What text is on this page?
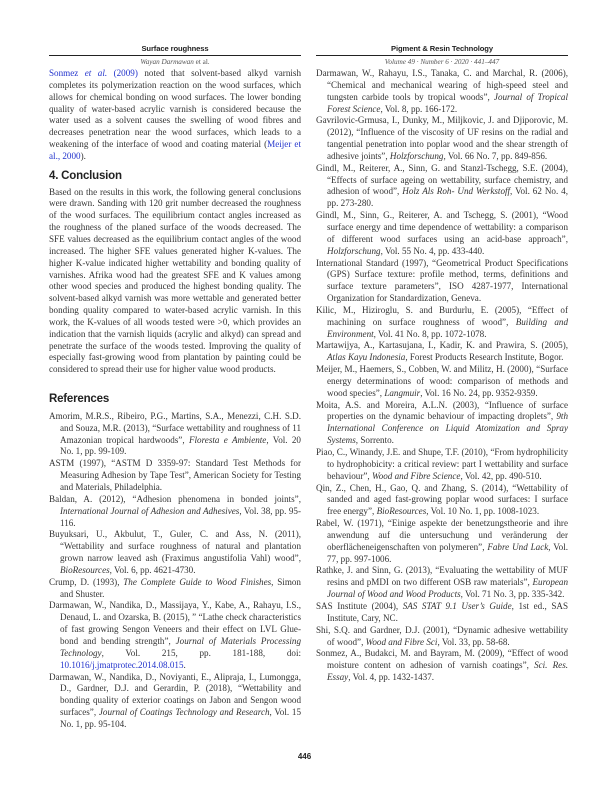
Surface roughness
Wayan Darmawan et al.
Pigment & Resin Technology
Volume 49 · Number 6 · 2020 · 441–447

Sonmez et al. (2009) noted that solvent-based alkyd varnish completes its polymerization reaction on the wood surfaces, which allows for chemical bonding on wood surfaces. The lower bonding quality of water-based acrylic varnish is considered because the water used as a solvent causes the swelling of wood fibres and decreases penetration near the wood surfaces, which leads to a weakening of the interface of wood and coating material (Meijer et al., 2000).

4. Conclusion

Based on the results in this work, the following general conclusions were drawn. Sanding with 120 grit number decreased the roughness of the wood surfaces. The equilibrium contact angles increased as the roughness of the planed surface of the woods decreased. The SFE values decreased as the equilibrium contact angles of the wood increased. The higher SFE values generated higher K-values. The higher K-value indicated higher wettability and bonding quality of varnishes. Afrika wood had the greatest SFE and K values among other wood species and produced the highest bonding quality. The solvent-based alkyd varnish was more wettable and generated better bonding quality compared to water-based acrylic varnish. In this work, the K-values of all woods tested were >0, which provides an indication that the varnish liquids (acrylic and alkyd) can spread and penetrate the surface of the woods tested. Improving the quality of especially fast-growing wood from plantation by painting could be considered to spread their use for higher value wood products.

References

Amorim, M.R.S., Ribeiro, P.G., Martins, S.A., Menezzi, C.H. S.D. and Souza, M.R. (2013), “Surface wettability and roughness of 11 Amazonian tropical hardwoods”, Floresta e Ambiente, Vol. 20 No. 1, pp. 99-109.

ASTM (1997), “ASTM D 3359-97: Standard Test Methods for Measuring Adhesion by Tape Test”, American Society for Testing and Materials, Philadelphia.

Baldan, A. (2012), “Adhesion phenomena in bonded joints”, International Journal of Adhesion and Adhesives, Vol. 38, pp. 95-116.

Buyuksari, U., Akbulut, T., Guler, C. and Ass, N. (2011), “Wettability and surface roughness of natural and plantation grown narrow leaved ash (Fraximus angustifolia Vahl) wood”, BioResources, Vol. 6, pp. 4621-4730.

Crump, D. (1993), The Complete Guide to Wood Finishes, Simon and Shuster.

Darmawan, W., Nandika, D., Massijaya, Y., Kabe, A., Rahayu, I.S., Denaud, L. and Ozarska, B. (2015), ” “Lathe check characteristics of fast growing Sengon Veneers and their effect on LVL Glue-bond and bending strength”, Journal of Materials Processing Technology, Vol. 215, pp. 181-188, doi: 10.1016/j.jmatprotec.2014.08.015.

Darmawan, W., Nandika, D., Noviyanti, E., Alipraja, I., Lumongga, D., Gardner, D.J. and Gerardin, P. (2018), “Wettability and bonding quality of exterior coatings on Jabon and Sengon wood surfaces”, Journal of Coatings Technology and Research, Vol. 15 No. 1, pp. 95-104.

Darmawan, W., Rahayu, I.S., Tanaka, C. and Marchal, R. (2006), “Chemical and mechanical wearing of high-speed steel and tungsten carbide tools by tropical woods”, Journal of Tropical Forest Science, Vol. 8, pp. 166-172.

Gavrilovic-Grmusa, I., Dunky, M., Miljkovic, J. and Djiporovic, M. (2012), “Influence of the viscosity of UF resins on the radial and tangential penetration into poplar wood and the shear strength of adhesive joints”, Holzforschung, Vol. 66 No. 7, pp. 849-856.

Gindl, M., Reiterer, A., Sinn, G. and Stanzl-Tschegg, S.E. (2004), “Effects of surface ageing on wettability, surface chemistry, and adhesion of wood”, Holz Als Roh- Und Werkstoff, Vol. 62 No. 4, pp. 273-280.

Gindl, M., Sinn, G., Reiterer, A. and Tschegg, S. (2001), “Wood surface energy and time dependence of wettability: a comparison of different wood surfaces using an acid-base approach”, Holzforschung, Vol. 55 No. 4, pp. 433-440.

International Standard (1997), “Geometrical Product Specifications (GPS) Surface texture: profile method, terms, definitions and surface texture parameters”, ISO 4287-1977, International Organization for Standardization, Geneva.

Kilic, M., Hiziroglu, S. and Burdurlu, E. (2005), “Effect of machining on surface roughness of wood”, Building and Environment, Vol. 41 No. 8, pp. 1072-1078.

Martawijya, A., Kartasujana, I., Kadir, K. and Prawira, S. (2005), Atlas Kayu Indonesia, Forest Products Research Institute, Bogor.

Meijer, M., Haemers, S., Cobben, W. and Militz, H. (2000), “Surface energy determinations of wood: comparison of methods and wood species”, Langmuir, Vol. 16 No. 24, pp. 9352-9359.

Moita, A.S. and Moreira, A.L.N. (2003), “Influence of surface properties on the dynamic behaviour of impacting droplets”, 9th International Conference on Liquid Atomization and Spray Systems, Sorrento.

Piao, C., Winandy, J.E. and Shupe, T.F. (2010), “From hydrophilicity to hydrophobicity: a critical review: part I wettability and surface behaviour”, Wood and Fibre Science, Vol. 42, pp. 490-510.

Qin, Z., Chen, H., Gao, Q. and Zhang, S. (2014), “Wettability of sanded and aged fast-growing poplar wood surfaces: I surface free energy”, BioResources, Vol. 10 No. 1, pp. 1008-1023.

Rabel, W. (1971), “Einige aspekte der benetzungstheorie and ihre anwendung auf die untersuchung und veränderung der oberflächeneigenschaften von polymeren”, Fabre Und Lack, Vol. 77, pp. 997-1006.

Rathke, J. and Sinn, G. (2013), “Evaluating the wettability of MUF resins and pMDI on two different OSB raw materials”, European Journal of Wood and Wood Products, Vol. 71 No. 3, pp. 335-342.

SAS Institute (2004), SAS STAT 9.1 User’s Guide, 1st ed., SAS Institute, Cary, NC.

Shi, S.Q. and Gardner, D.J. (2001), “Dynamic adhesive wettability of wood”, Wood and Fibre Sci, Vol. 33, pp. 58-68.

Sonmez, A., Budakci, M. and Bayram, M. (2009), “Effect of wood moisture content on adhesion of varnish coatings”, Sci. Res. Essay, Vol. 4, pp. 1432-1437.

446
